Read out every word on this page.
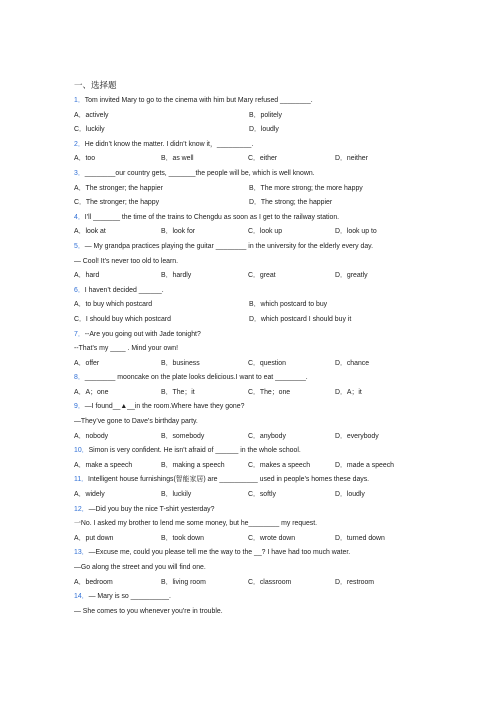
一、选择题
1．Tom invited Mary to go to the cinema with him but Mary refused ________.
A．actively	B．politely
C．luckily	D．loudly
2．He didn’t know the matter. I didn’t know it，_________.
A．too	B．as well	C．either	D．neither
3．________our country gets, _______the people will be, which is well known.
A．The stronger; the happier	B．The more strong; the more happy
C．The stronger; the happy	D．The strong; the happier
4．I’ll _______ the time of the trains to Chengdu as soon as I get to the railway station.
A．look at	B．look for	C．look up	D．look up to
5．— My grandpa practices playing the guitar ________ in the university for the elderly every day.
— Cool! It’s never too old to learn.
A．hard	B．hardly	C．great	D．greatly
6．I haven’t decided ______.
A．to buy which postcard	B．which postcard to buy
C．I should buy which postcard	D．which postcard I should buy it
7．--Are you going out with Jade tonight?
--That’s my ____ . Mind your own!
A．offer	B．business	C．question	D．chance
8．________ mooncake on the plate looks delicious.I want to eat ________.
A．A；one	B．The；it	C．The；one	D．A；it
9．—I found__▲__in the room.Where have they gone?
—They’ve gone to Dave’s birthday party.
A．nobody	B．somebody	C．anybody	D．everybody
10．Simon is very confident. He isn’t afraid of ______ in the whole school.
A．make a speech	B．making a speech	C．makes a speech	D．made a speech
11．Intelligent house furnishings(智能家居) are __________ used in people’s homes these days.
A．widely	B．luckily	C．softly	D．loudly
12．—Did you buy the nice T-shirt yesterday?
一No. I asked my brother to lend me some money, but he________ my request.
A．put down	B．took down	C．wrote down	D．turned down
13．—Excuse me, could you please tell me the way to the __? I have had too much water.
—Go along the street and you will find one.
A．bedroom	B．living room	C．classroom	D．restroom
14．— Mary is so __________.
— She comes to you whenever you’re in trouble.
